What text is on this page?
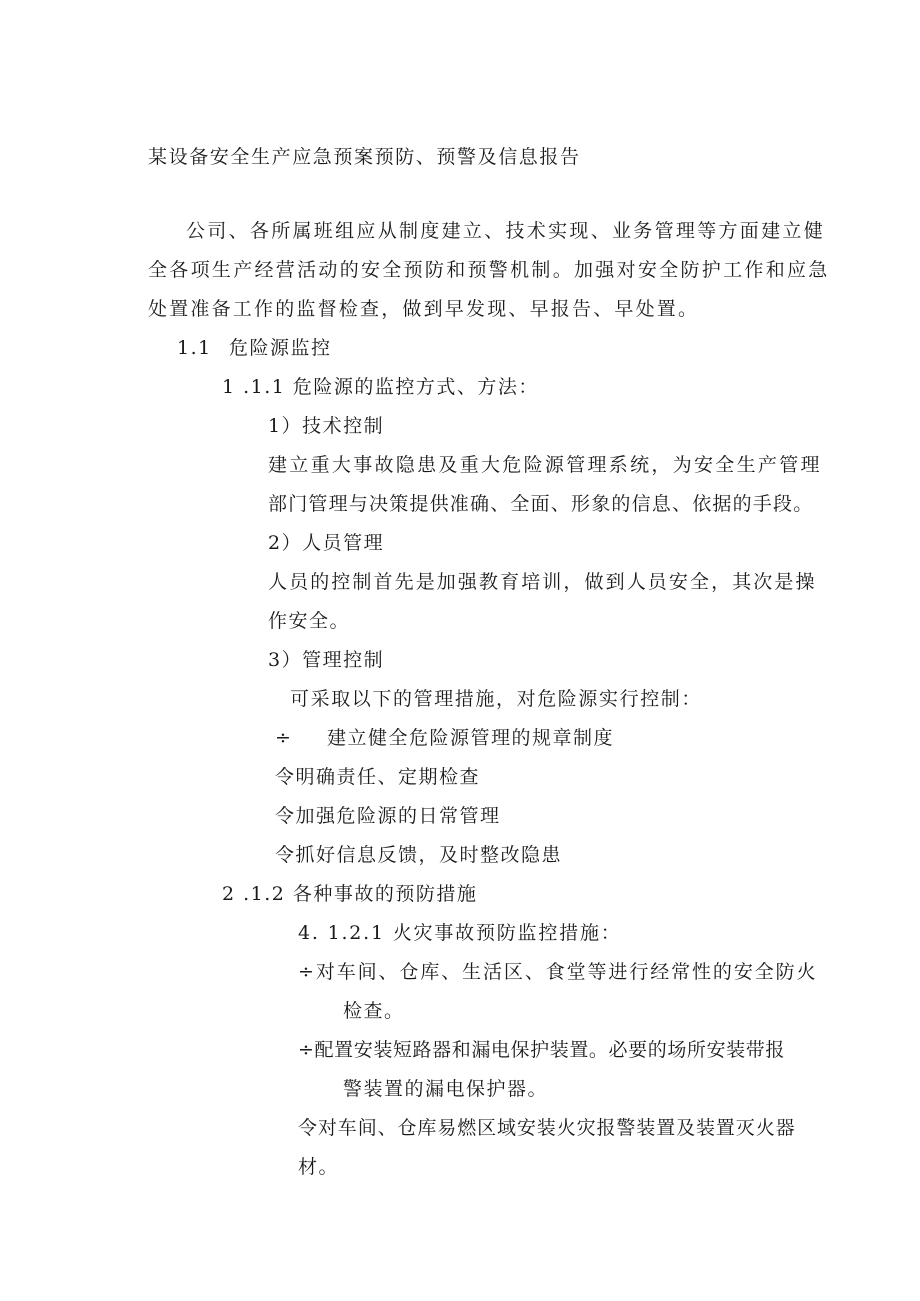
某设备安全生产应急预案预防、预警及信息报告
公司、各所属班组应从制度建立、技术实现、业务管理等方面建立健
全各项生产经营活动的安全预防和预警机制。加强对安全防护工作和应急
处置准备工作的监督检查，做到早发现、早报告、早处置。
1.1 危险源监控
1 .1.1 危险源的监控方式、方法：
1）技术控制
建立重大事故隐患及重大危险源管理系统，为安全生产管理
部门管理与决策提供准确、全面、形象的信息、依据的手段。
2）人员管理
人员的控制首先是加强教育培训，做到人员安全，其次是操
作安全。
3）管理控制
可采取以下的管理措施，对危险源实行控制：
÷ 建立健全危险源管理的规章制度
令明确责任、定期检查
令加强危险源的日常管理
令抓好信息反馈，及时整改隐患
2 .1.2 各种事故的预防措施
4. 1.2.1 火灾事故预防监控措施：
÷对车间、仓库、生活区、食堂等进行经常性的安全防火
检查。
÷配置安装短路器和漏电保护装置。必要的场所安装带报
警装置的漏电保护器。
令对车间、仓库易燃区域安装火灾报警装置及装置灭火器
材。
